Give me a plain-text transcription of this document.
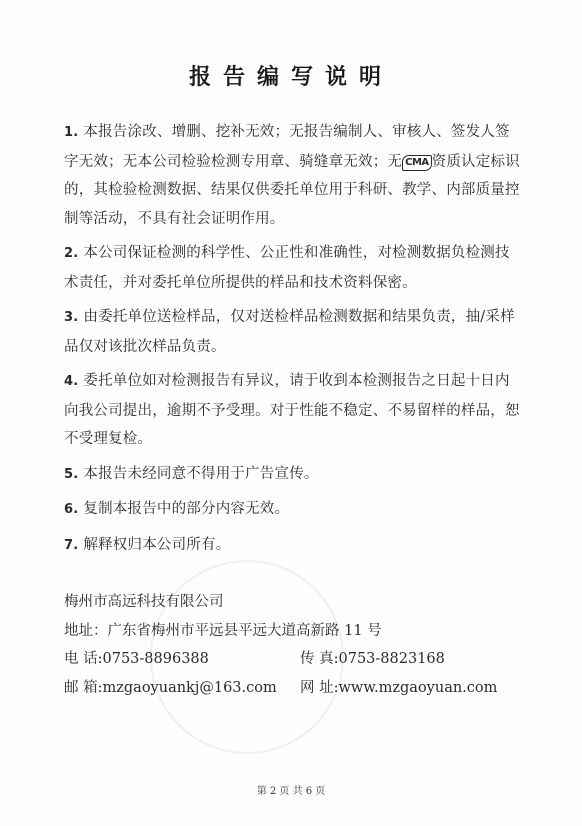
报告编写说明
1. 本报告涂改、增删、挖补无效；无报告编制人、审核人、签发人签字无效；无本公司检验检测专用章、骑缝章无效；无 CMA 资质认定标识的，其检验检测数据、结果仅供委托单位用于科研、教学、内部质量控制等活动，不具有社会证明作用。
2. 本公司保证检测的科学性、公正性和准确性，对检测数据负检测技术责任，并对委托单位所提供的样品和技术资料保密。
3. 由委托单位送检样品，仅对送检样品检测数据和结果负责，抽/采样品仅对该批次样品负责。
4. 委托单位如对检测报告有异议，请于收到本检测报告之日起十日内向我公司提出，逾期不予受理。对于性能不稳定、不易留样的样品，恕不受理复检。
5. 本报告未经同意不得用于广告宣传。
6. 复制本报告中的部分内容无效。
7. 解释权归本公司所有。
梅州市高远科技有限公司
地址：广东省梅州市平远县平远大道高新路 11 号
电 话:0753-8896388	传 真:0753-8823168
邮 箱:mzgaoyuankj@163.com 网 址:www.mzgaoyuan.com
第 2 页 共 6 页
